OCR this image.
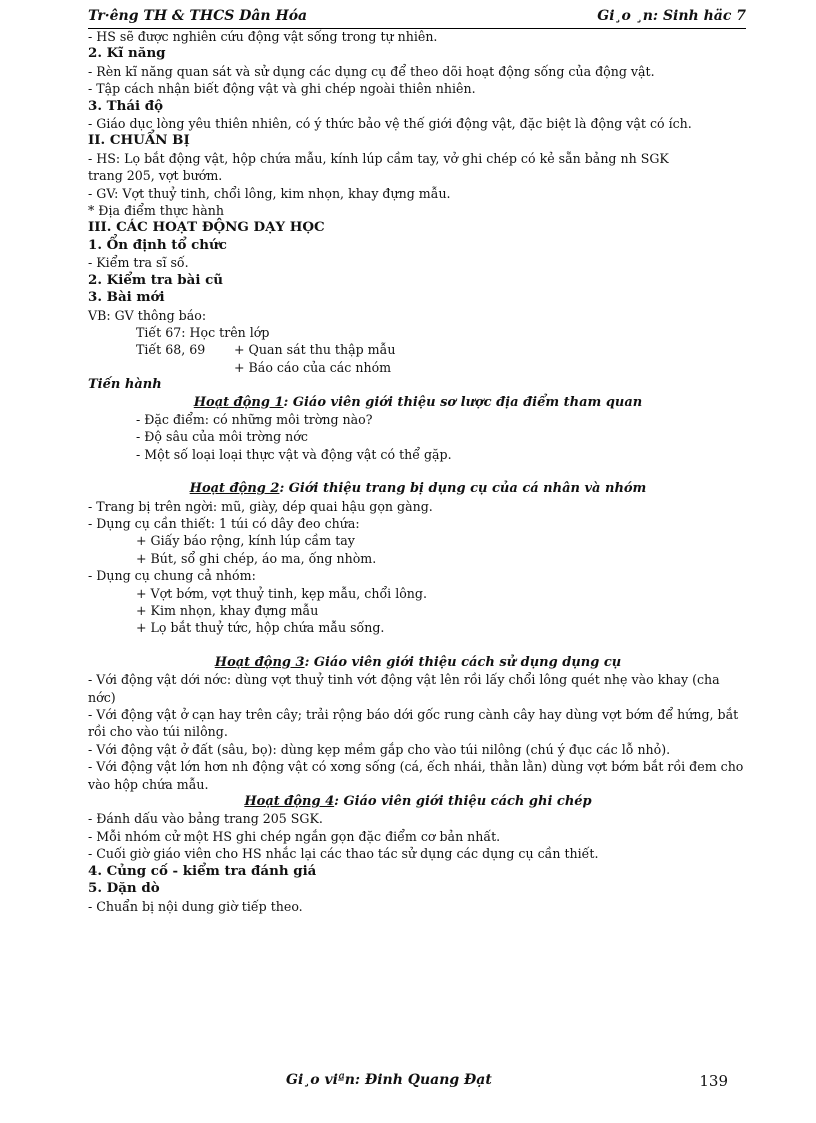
Tr·êng TH & THCS Dân Hóa	Gi¸o ¸n: Sinh häc 7
- HS sẽ được nghiên cứu động vật sống trong tự nhiên.
2. Kĩ năng
- Rèn kĩ năng quan sát và sử dụng các dụng cụ để theo dõi hoạt động sống của động vật.
- Tập cách nhận biết động vật và ghi chép ngoài thiên nhiên.
3. Thái độ
- Giáo dục lòng yêu thiên nhiên, có ý thức bảo vệ thế giới động vật, đặc biệt là động vật có ích.
II. CHUẨN BỊ
- HS: Lọ bắt động vật, hộp chứa mẫu, kính lúp cầm tay, vở ghi chép có kẻ sẵn bảng nh SGK
trang 205, vợt bướm.
- GV: Vợt thuỷ tinh, chổi lông, kim nhọn, khay đựng mẫu.
* Địa điểm thực hành
III. CÁC HOẠT ĐỘNG DẠY HỌC
1. Ổn định tổ chức
- Kiểm tra sĩ số.
2. Kiểm tra bài cũ
3. Bài mới
VB: GV thông báo:
Tiết 67: Học trên lớp
Tiết 68, 69 + Quan sát thu thập mẫu
+ Báo cáo của các nhóm
Tiến hành
Hoạt động 1: Giáo viên giới thiệu sơ lược địa điểm tham quan
- Đặc điểm: có những môi trờng nào?
- Độ sâu của môi trờng nớc
- Một số loại loại thực vật và động vật có thể gặp.
Hoạt động 2: Giới thiệu trang bị dụng cụ của cá nhân và nhóm
- Trang bị trên ngời: mũ, giày, dép quai hậu gọn gàng.
- Dụng cụ cần thiết: 1 túi có dây đeo chứa:
+ Giấy báo rộng, kính lúp cầm tay
+ Bút, sổ ghi chép, áo ma, ống nhòm.
- Dụng cụ chung cả nhóm:
+ Vợt bớm, vợt thuỷ tinh, kẹp mẫu, chổi lông.
+ Kim nhọn, khay đựng mẫu
+ Lọ bắt thuỷ tức, hộp chứa mẫu sống.
Hoạt động 3: Giáo viên giới thiệu cách sử dụng dụng cụ
- Với động vật dới nớc: dùng vợt thuỷ tinh vớt động vật lên rồi lấy chổi lông quét nhẹ vào khay (cha nớc)
- Với động vật ở cạn hay trên cây; trải rộng báo dới gốc rung cành cây hay dùng vợt bớm để hứng, bắt rồi cho vào túi nilông.
- Với động vật ở đất (sâu, bọ): dùng kẹp mềm gắp cho vào túi nilông (chú ý đục các lỗ nhỏ).
- Với động vật lớn hơn nh động vật có xơng sống (cá, ếch nhái, thằn lằn) dùng vợt bớm bắt rồi đem cho vào hộp chứa mẫu.
Hoạt động 4: Giáo viên giới thiệu cách ghi chép
- Đánh dấu vào bảng trang 205 SGK.
- Mỗi nhóm cử một HS ghi chép ngắn gọn đặc điểm cơ bản nhất.
- Cuối giờ giáo viên cho HS nhắc lại các thao tác sử dụng các dụng cụ cần thiết.
4. Củng cố - kiểm tra đánh giá
5. Dặn dò
- Chuẩn bị nội dung giờ tiếp theo.
Gi¸o viªn: Đinh Quang Đạt	139
